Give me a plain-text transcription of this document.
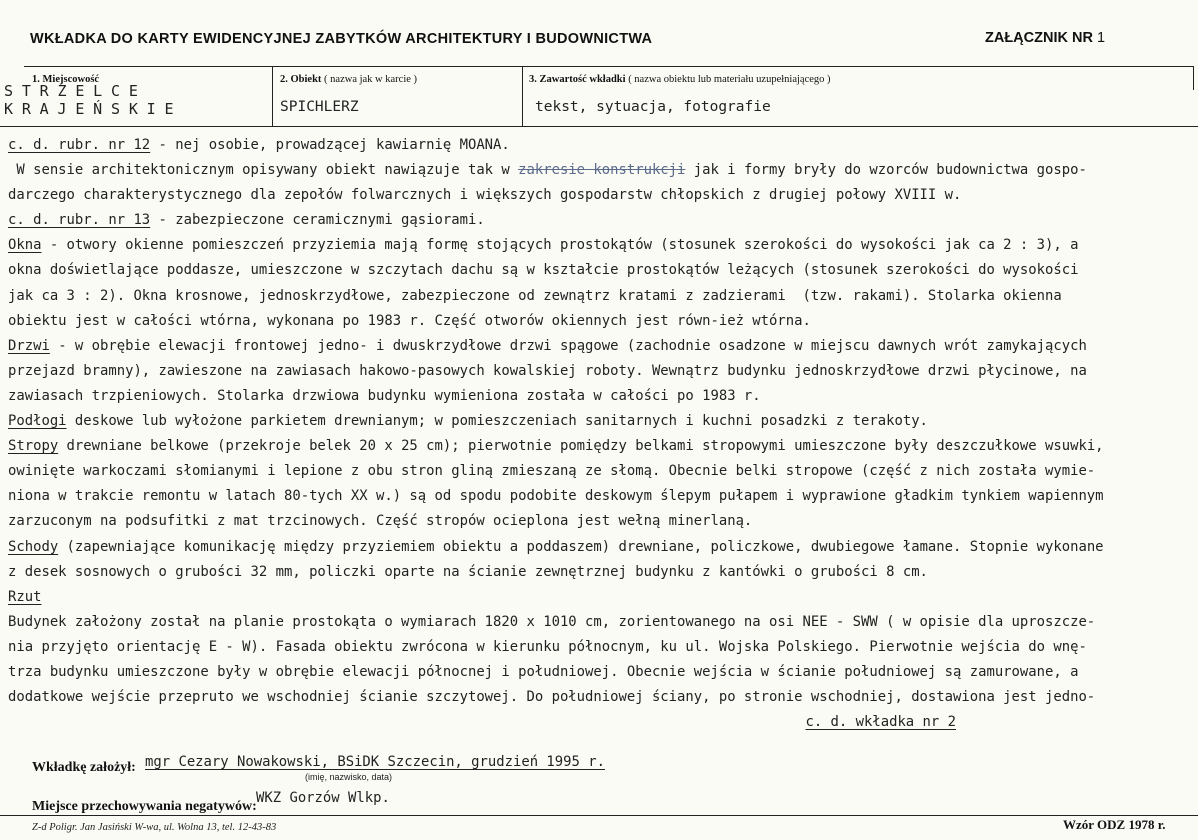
WKŁADKA DO KARTY EWIDENCYJNEJ ZABYTKÓW ARCHITEKTURY I BUDOWNICTWA	ZAŁĄCZNIK NR 1
1. Miejscowość
STRZELCE
KRAJEŃSKIE
2. Obiekt ( nazwa jak w karcie )
SPICHLERZ
3. Zawartość wkładki ( nazwa obiektu lub materiału uzupełniającego )
tekst, sytuacja, fotografie
c. d. rubr. nr 12 - nej osobie, prowadzącej kawiarnię MOANA.
W sensie architektonicznym opisywany obiekt nawiązuje tak w zakresie konstrukcji jak i formy bryły do wzorców budownictwa gospo-
darczego charakterystycznego dla zepołów folwarcznych i większych gospodarstw chłopskich z drugiej połowy XVIII w.
c. d. rubr. nr 13 - zabezpieczone ceramicznymi gąsiorami.
Okna - otwory okienne pomieszczeń przyziemia mają formę stojących prostokątów (stosunek szerokości do wysokości jak ca 2 : 3), a
okna doświetlające poddasze, umieszczone w szczytach dachu są w kształcie prostokątów leżących (stosunek szerokości do wysokości
jak ca 3 : 2). Okna krosnowe, jednoskrzydłowe, zabezpieczone od zewnątrz kratami z zadzierami  (tzw. rakami). Stolarka okienna
obiektu jest w całości wtórna, wykonana po 1983 r. Część otworów okiennych jest równ-ież wtórna.
Drzwi - w obrębie elewacji frontowej jedno- i dwuskrzydłowe drzwi spągowe (zachodnie osadzone w miejscu dawnych wrót zamykających
przejazd bramny), zawieszone na zawiasach hakowo-pasowych kowalskiej roboty. Wewnątrz budynku jednoskrzydłowe drzwi płycinowe, na
zawiasach trzpieniowych. Stolarka drzwiowa budynku wymieniona została w całości po 1983 r.
Podłogi deskowe lub wyłożone parkietem drewnianym; w pomieszczeniach sanitarnych i kuchni posadzki z terakoty.
Stropy drewniane belkowe (przekroje belek 20 x 25 cm); pierwotnie pomiędzy belkami stropowymi umieszczone były deszczułkowe wsuwki,
owinięte warkoczami słomianymi i lepione z obu stron gliną zmieszaną ze słomą. Obecnie belki stropowe (część z nich została wymie-
niona w trakcie remontu w latach 80-tych XX w.) są od spodu podobite deskowym ślepym pułapem i wyprawione gładkim tynkiem wapiennym
zarzuconym na podsufitki z mat trzcinowych. Część stropów ocieplona jest wełną minerlaną.
Schody (zapewniające komunikację między przyziemiem obiektu a poddaszem) drewniane, policzkowe, dwubiegowe łamane. Stopnie wykonane
z desek sosnowych o grubości 32 mm, policzki oparte na ścianie zewnętrznej budynku z kantówki o grubości 8 cm.
Rzut
Budynek założony został na planie prostokąta o wymiarach 1820 x 1010 cm, zorientowanego na osi NEE - SWW ( w opisie dla uproszcze-
nia przyjęto orientację E - W). Fasada obiektu zwrócona w kierunku północnym, ku ul. Wojska Polskiego. Pierwotnie wejścia do wnę-
trza budynku umieszczone były w obrębie elewacji północnej i południowej. Obecnie wejścia w ścianie południowej są zamurowane, a
dodatkowe wejście przepruto we wschodniej ścianie szczytowej. Do południowej ściany, po stronie wschodniej, dostawiona jest jedno-
c. d. wkładka nr 2
Wkładkę założył: mgr Cezary Nowakowski, BSiDK Szczecin, grudzień 1995 r.
(imię, nazwisko, data)
Miejsce przechowywania negatywów:
WKZ Gorzów Wlkp.
Z-d Poligr. Jan Jasiński W-wa, ul. Wolna 13, tel. 12-43-83	Wzór ODZ 1978 r.
